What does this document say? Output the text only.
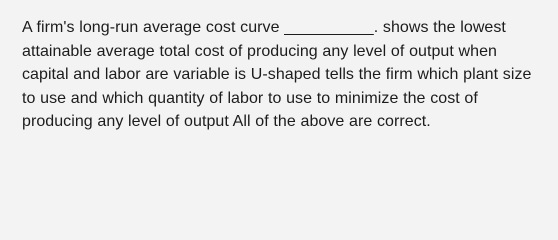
A firm's long-run average cost curve __________. shows the lowest attainable average total cost of producing any level of output when capital and labor are variable is U-shaped tells the firm which plant size to use and which quantity of labor to use to minimize the cost of producing any level of output All of the above are correct.
